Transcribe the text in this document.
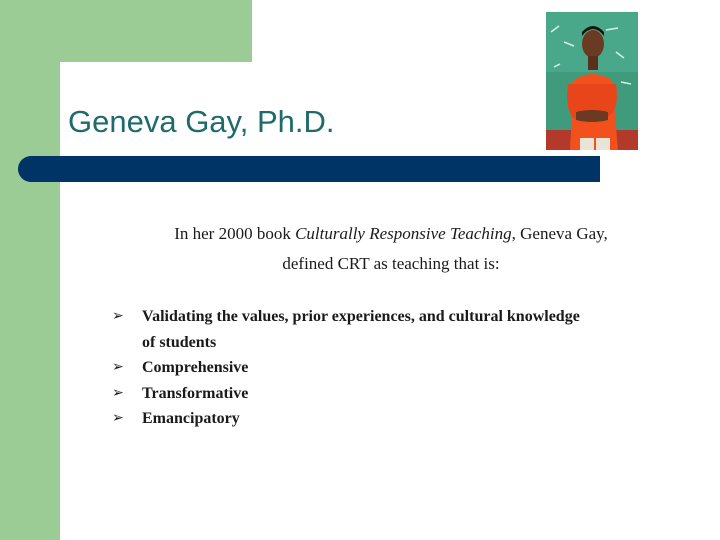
Geneva Gay, Ph.D.
In her 2000 book Culturally Responsive Teaching, Geneva Gay,
defined CRT as teaching that is:
➢ Validating the values, prior experiences, and cultural knowledge of students
➢ Comprehensive
➢ Transformative
➢ Emancipatory
